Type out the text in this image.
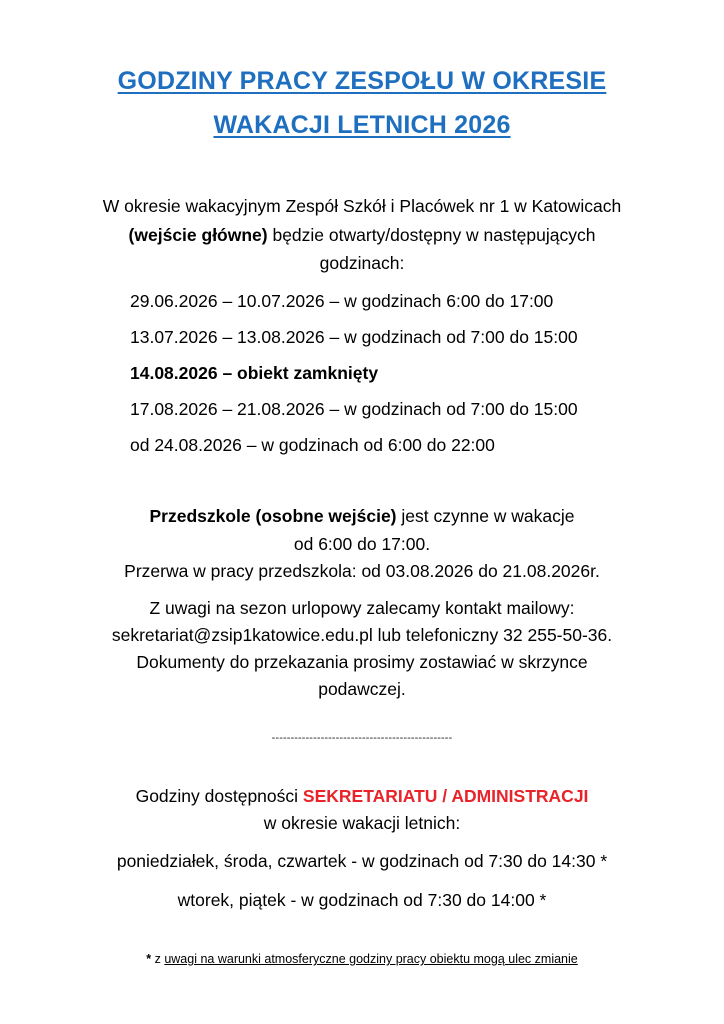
GODZINY PRACY ZESPOŁU W OKRESIE
WAKACJI LETNICH 2026
W okresie wakacyjnym Zespół Szkół i Placówek nr 1 w Katowicach
(wejście główne) będzie otwarty/dostępny w następujących
godzinach:
29.06.2026 – 10.07.2026 – w godzinach 6:00 do 17:00
13.07.2026 – 13.08.2026 – w godzinach od 7:00 do 15:00
14.08.2026 – obiekt zamknięty
17.08.2026 – 21.08.2026 – w godzinach od 7:00 do 15:00
od 24.08.2026 – w godzinach od 6:00 do 22:00
Przedszkole (osobne wejście) jest czynne w wakacje
od 6:00 do 17:00.
Przerwa w pracy przedszkola: od 03.08.2026 do 21.08.2026r.
Z uwagi na sezon urlopowy zalecamy kontakt mailowy:
sekretariat@zsip1katowice.edu.pl lub telefoniczny 32 255-50-36.
Dokumenty do przekazania prosimy zostawiać w skrzynce
podawczej.
------------------------------------------------
Godziny dostępności SEKRETARIATU / ADMINISTRACJI
w okresie wakacji letnich:
poniedziałek, środa, czwartek - w godzinach od 7:30 do 14:30 *
wtorek, piątek - w godzinach od 7:30 do 14:00 *
* z uwagi na warunki atmosferyczne godziny pracy obiektu mogą ulec zmianie
